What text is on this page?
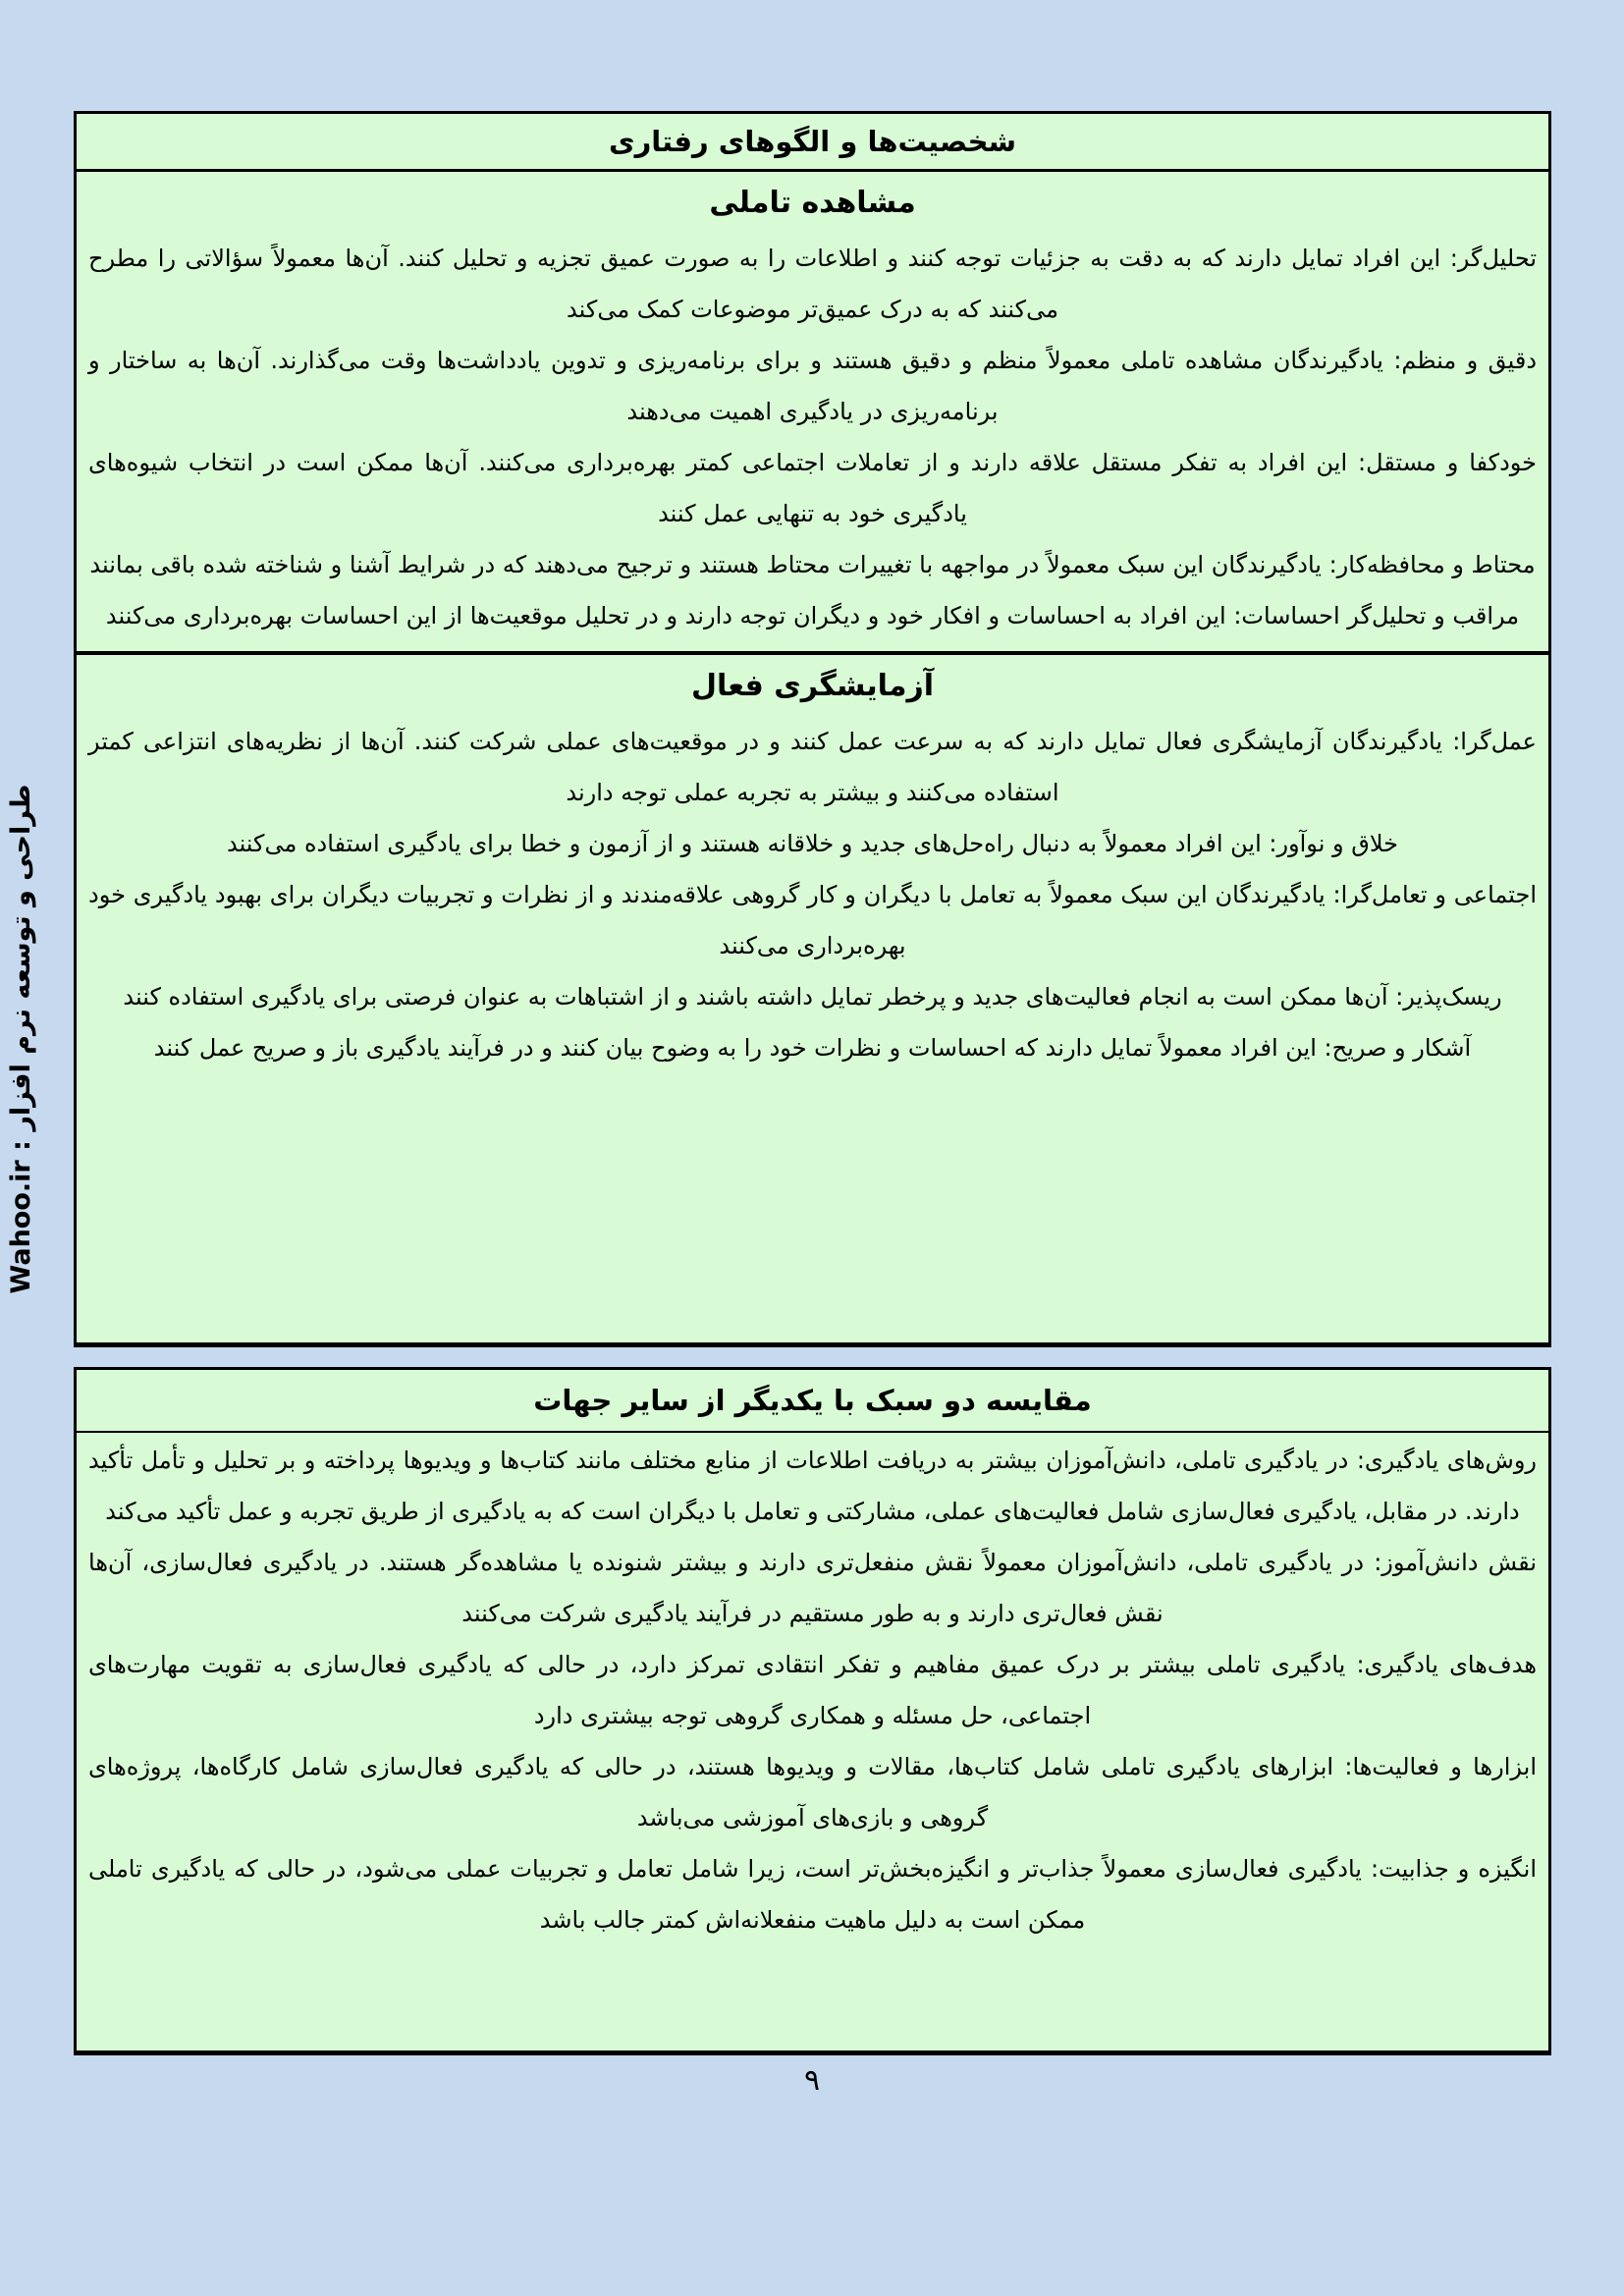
طراحی و توسعه نرم افزار : Wahoo.ir
شخصیت‌ها و الگوهای رفتاری
مشاهده تاملی

تحلیل‌گر: این افراد تمایل دارند که به دقت به جزئیات توجه کنند و اطلاعات را به صورت عمیق تجزیه و تحلیل کنند. آن‌ها معمولاً سؤالاتی را مطرح می‌کنند که به درک عمیق‌تر موضوعات کمک می‌کند

دقیق و منظم: یادگیرندگان مشاهده تاملی معمولاً منظم و دقیق هستند و برای برنامه‌ریزی و تدوین یادداشت‌ها وقت می‌گذارند. آن‌ها به ساختار و برنامه‌ریزی در یادگیری اهمیت می‌دهند

خودکفا و مستقل: این افراد به تفکر مستقل علاقه دارند و از تعاملات اجتماعی کمتر بهره‌برداری می‌کنند. آن‌ها ممکن است در انتخاب شیوه‌های یادگیری خود به تنهایی عمل کنند

محتاط و محافظه‌کار: یادگیرندگان این سبک معمولاً در مواجهه با تغییرات محتاط هستند و ترجیح می‌دهند که در شرایط آشنا و شناخته شده باقی بمانند

مراقب و تحلیل‌گر احساسات: این افراد به احساسات و افکار خود و دیگران توجه دارند و در تحلیل موقعیت‌ها از این احساسات بهره‌برداری می‌کنند

آزمایشگری فعال

عمل‌گرا: یادگیرندگان آزمایشگری فعال تمایل دارند که به سرعت عمل کنند و در موقعیت‌های عملی شرکت کنند. آن‌ها از نظریه‌های انتزاعی کمتر استفاده می‌کنند و بیشتر به تجربه عملی توجه دارند

خلاق و نوآور: این افراد معمولاً به دنبال راه‌حل‌های جدید و خلاقانه هستند و از آزمون و خطا برای یادگیری استفاده می‌کنند

اجتماعی و تعامل‌گرا: یادگیرندگان این سبک معمولاً به تعامل با دیگران و کار گروهی علاقه‌مندند و از نظرات و تجربیات دیگران برای بهبود یادگیری خود بهره‌برداری می‌کنند

ریسک‌پذیر: آن‌ها ممکن است به انجام فعالیت‌های جدید و پرخطر تمایل داشته باشند و از اشتباهات به عنوان فرصتی برای یادگیری استفاده کنند

آشکار و صریح: این افراد معمولاً تمایل دارند که احساسات و نظرات خود را به وضوح بیان کنند و در فرآیند یادگیری باز و صریح عمل کنند

مقایسه دو سبک با یکدیگر از سایر جهات

روش‌های یادگیری: در یادگیری تاملی، دانش‌آموزان بیشتر به دریافت اطلاعات از منابع مختلف مانند کتاب‌ها و ویدیوها پرداخته و بر تحلیل و تأمل تأکید دارند. در مقابل، یادگیری فعال‌سازی شامل فعالیت‌های عملی، مشارکتی و تعامل با دیگران است که به یادگیری از طریق تجربه و عمل تأکید می‌کند

نقش دانش‌آموز: در یادگیری تاملی، دانش‌آموزان معمولاً نقش منفعل‌تری دارند و بیشتر شنونده یا مشاهده‌گر هستند. در یادگیری فعال‌سازی، آن‌ها نقش فعال‌تری دارند و به طور مستقیم در فرآیند یادگیری شرکت می‌کنند

هدف‌های یادگیری: یادگیری تاملی بیشتر بر درک عمیق مفاهیم و تفکر انتقادی تمرکز دارد، در حالی که یادگیری فعال‌سازی به تقویت مهارت‌های اجتماعی، حل مسئله و همکاری گروهی توجه بیشتری دارد

ابزارها و فعالیت‌ها: ابزارهای یادگیری تاملی شامل کتاب‌ها، مقالات و ویدیوها هستند، در حالی که یادگیری فعال‌سازی شامل کارگاه‌ها، پروژه‌های گروهی و بازی‌های آموزشی می‌باشد

انگیزه و جذابیت: یادگیری فعال‌سازی معمولاً جذاب‌تر و انگیزه‌بخش‌تر است، زیرا شامل تعامل و تجربیات عملی می‌شود، در حالی که یادگیری تاملی ممکن است به دلیل ماهیت منفعلانه‌اش کمتر جالب باشد

۹
